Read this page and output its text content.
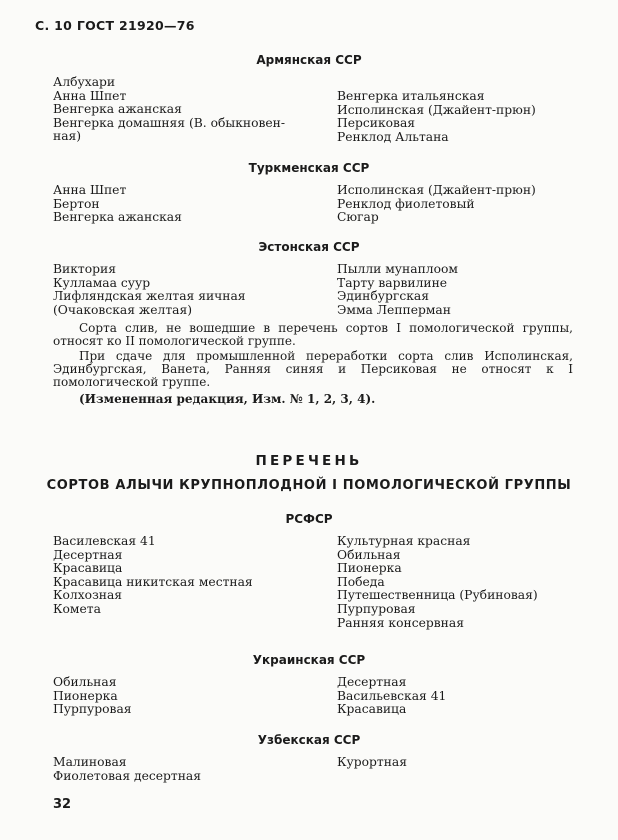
С. 10 ГОСТ 21920—76
Армянская ССР
Албухари
Анна Шпет
Венгерка ажанская
Венгерка домашняя (В. обыкновен-
ная)
Венгерка итальянская
Исполинская (Джайент-прюн)
Персиковая
Ренклод Альтана
Туркменская ССР
Анна Шпет
Бертон
Венгерка ажанская
Исполинская (Джайент-прюн)
Ренклод фиолетовый
Сюгар
Эстонская ССР
Виктория
Кулламаа суур
Лифляндская желтая яичная
(Очаковская желтая)
Пылли мунаплоом
Тарту варвилине
Эдинбургская
Эмма Лепперман
Сорта слив, не вошедшие в перечень сортов I помологической группы, относят ко II помологической группе.
При сдаче для промышленной переработки сорта слив Исполинская, Эдинбургская, Ванета, Ранняя синяя и Персиковая не относят к I помологической группе.
(Измененная редакция, Изм. № 1, 2, 3, 4).
ПЕРЕЧЕНЬ
СОРТОВ АЛЫЧИ КРУПНОПЛОДНОЙ I ПОМОЛОГИЧЕСКОЙ ГРУППЫ
РСФСР
Василевская 41
Десертная
Красавица
Красавица никитская местная
Колхозная
Комета
Культурная красная
Обильная
Пионерка
Победа
Путешественница (Рубиновая)
Пурпуровая
Ранняя консервная
Украинская ССР
Обильная
Пионерка
Пурпуровая
Десертная
Васильевская 41
Красавица
Узбекская ССР
Малиновая
Фиолетовая десертная
Курортная
32
